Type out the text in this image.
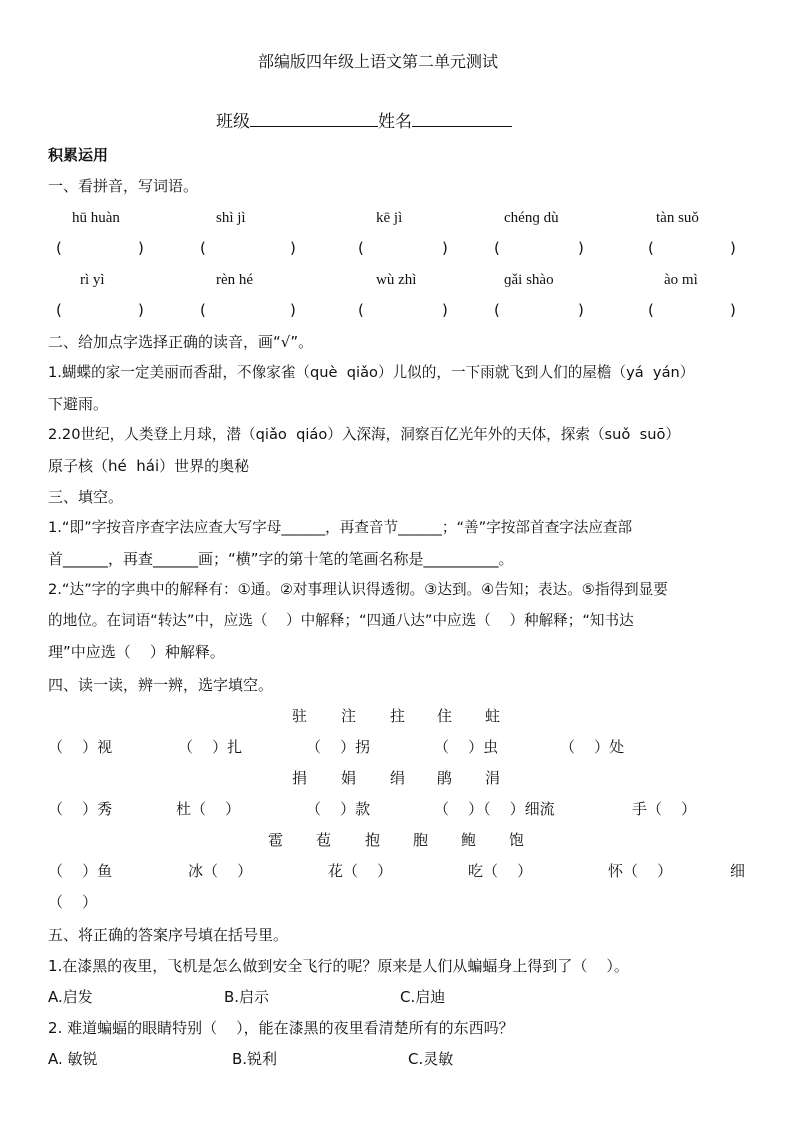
部编版四年级上语文第二单元测试
班级	姓名
积累运用
一、看拼音，写词语。
hū huàn	shì jì	kē jì	chénɡ dù	tàn suǒ
(	)	(	)	(	)	(	)	(	)
rì yì	rèn hé	wù zhì	ɡǎi shào	ào mì
(	)	(	)	(	)	(	)	(	)
二、给加点字选择正确的读音，画“√”。
1.蝴蝶的家一定美丽而香甜，不像家雀（què  qiǎo）儿似的，一下雨就飞到人们的屋檐（yá  yán）
下避雨。
2.20世纪，人类登上月球，潜（qiǎo  qiáo）入深海，洞察百亿光年外的天体，探索（suǒ  suō）
原子核（hé  hái）世界的奥秘
三、填空。
1.“即”字按音序查字法应查大写字母______，再查音节______；“善”字按部首查字法应查部
首______，再查______画；“横”字的第十笔的笔画名称是__________。
2.“达”字的字典中的解释有：①通。②对事理认识得透彻。③达到。④告知；表达。⑤指得到显要
的地位。在词语“转达”中，应选（    ）中解释；“四通八达”中应选（    ）种解释；“知书达
理”中应选（    ）种解释。
四、读一读，辨一辨，选字填空。
驻 注 拄 住 蛀
（    ）视	（    ）扎	（    ）拐	（    ）虫	（    ）处
捐 娟 绢 鹃 涓
（    ）秀	杜（    ）	（    ）款	（    ）（    ）细流	手（    ）
雹 苞 抱 胞 鲍 饱
（    ）鱼	冰（    ）	花（    ）	吃（    ）	怀（    ）	细
（    ）
五、将正确的答案序号填在括号里。
1.在漆黑的夜里，飞机是怎么做到安全飞行的呢？原来是人们从蝙蝠身上得到了（    ）。
A.启发	B.启示	C.启迪
2. 难道蝙蝠的眼睛特别（    ），能在漆黑的夜里看清楚所有的东西吗？
A. 敏锐	B.锐利	C.灵敏
